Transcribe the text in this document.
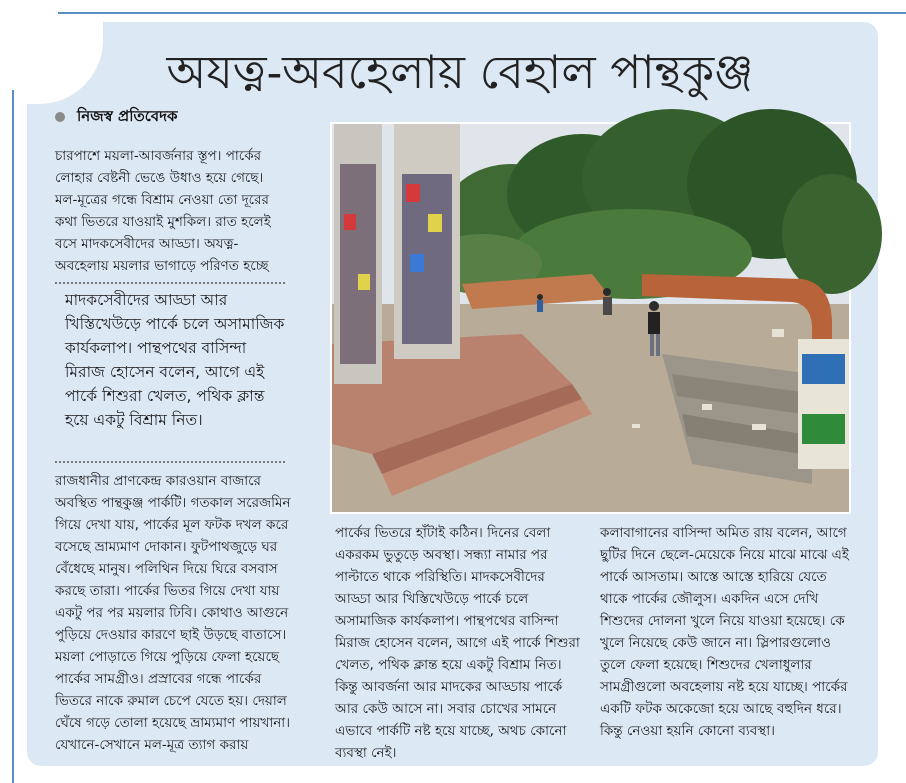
অযত্ন-অবহেলায় বেহাল পান্থকুঞ্জ
নিজস্ব প্রতিবেদক
চারপাশে ময়লা-আবর্জনার স্তূপ। পার্কের লোহার বেষ্টনী ভেঙে উধাও হয়ে গেছে। মল-মূত্রের গন্ধে বিশ্রাম নেওয়া তো দূরের কথা ভিতরে যাওয়াই মুশকিল। রাত হলেই বসে মাদকসেবীদের আড্ডা। অযত্ন-অবহেলায় ময়লার ভাগাড়ে পরিণত হচ্ছে
মাদকসেবীদের আড্ডা আর খিস্তিখেউড়ে পার্কে চলে অসামাজিক কার্যকলাপ। পান্থপথের বাসিন্দা মিরাজ হোসেন বলেন, আগে এই পার্কে শিশুরা খেলত, পথিক ক্লান্ত হয়ে একটু বিশ্রাম নিত।
রাজধানীর প্রাণকেন্দ্র কারওয়ান বাজারে অবস্থিত পান্থকুঞ্জ পার্কটি। গতকাল সরেজমিন গিয়ে দেখা যায়, পার্কের মূল ফটক দখল করে বসেছে ভ্রাম্যমাণ দোকান। ফুটপাথজুড়ে ঘর বেঁধেছে মানুষ। পলিথিন দিয়ে ঘিরে বসবাস করছে তারা। পার্কের ভিতর গিয়ে দেখা যায় একটু পর পর ময়লার ঢিবি। কোথাও আগুনে পুড়িয়ে দেওয়ার কারণে ছাই উড়ছে বাতাসে। ময়লা পোড়াতে গিয়ে পুড়িয়ে ফেলা হয়েছে পার্কের সামগ্রীও। প্রস্রাবের গন্ধে পার্কের ভিতরে নাকে রুমাল চেপে যেতে হয়। দেয়াল ঘেঁষে গড়ে তোলা হয়েছে ভ্রাম্যমাণ পায়খানা। যেখানে-সেখানে মল-মূত্র ত্যাগ করায়
পার্কের ভিতরে হাঁটাই কঠিন। দিনের বেলা একরকম ভুতুড়ে অবস্থা। সন্ধ্যা নামার পর পাল্টাতে থাকে পরিস্থিতি। মাদকসেবীদের আড্ডা আর খিস্তিখেউড়ে পার্কে চলে অসামাজিক কার্যকলাপ। পান্থপথের বাসিন্দা মিরাজ হোসেন বলেন, আগে এই পার্কে শিশুরা খেলত, পথিক ক্লান্ত হয়ে একটু বিশ্রাম নিত। কিন্তু আবর্জনা আর মাদকের আড্ডায় পার্কে আর কেউ আসে না। সবার চোখের সামনে এভাবে পার্কটি নষ্ট হয়ে যাচ্ছে, অথচ কোনো ব্যবস্থা নেই।
কলাবাগানের বাসিন্দা অমিত রায় বলেন, আগে ছুটির দিনে ছেলে-মেয়েকে নিয়ে মাঝে মাঝে এই পার্কে আসতাম। আস্তে আস্তে হারিয়ে যেতে থাকে পার্কের জৌলুস। একদিন এসে দেখি শিশুদের দোলনা খুলে নিয়ে যাওয়া হয়েছে। কে খুলে নিয়েছে কেউ জানে না। স্লিপারগুলোও তুলে ফেলা হয়েছে। শিশুদের খেলাধুলার সামগ্রীগুলো অবহেলায় নষ্ট হয়ে যাচ্ছে। পার্কের একটি ফটক অকেজো হয়ে আছে বহুদিন ধরে। কিন্তু নেওয়া হয়নি কোনো ব্যবস্থা।
